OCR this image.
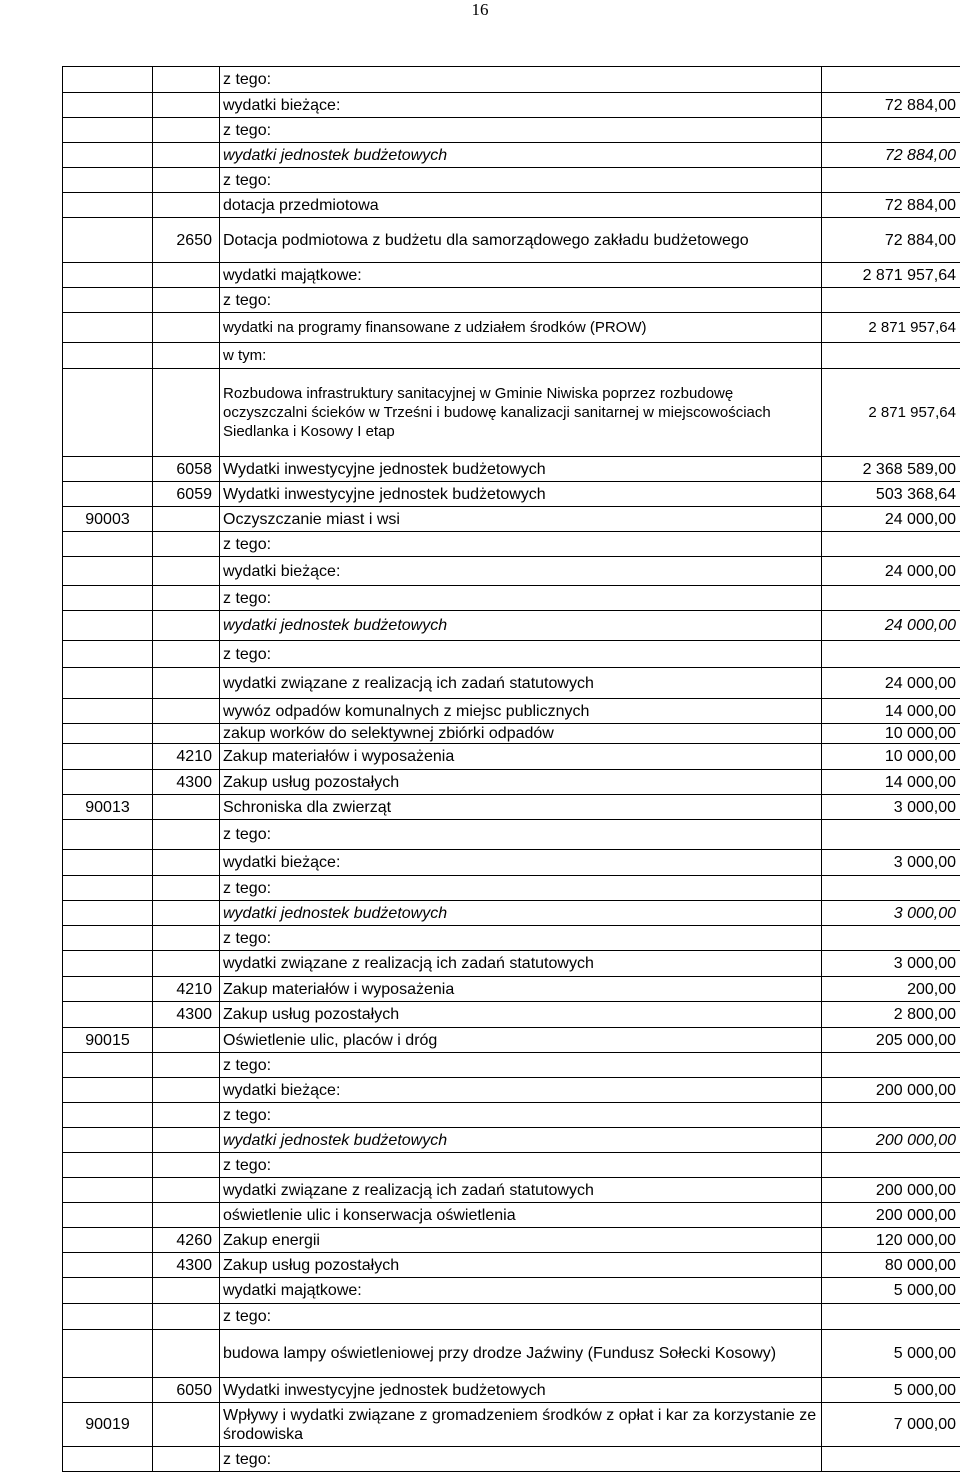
16
		z tego:	
		wydatki bieżące:	72 884,00
		z tego:	
		wydatki jednostek budżetowych	72 884,00
		z tego:	
		dotacja przedmiotowa	72 884,00
	2650	Dotacja podmiotowa z budżetu dla samorządowego zakładu budżetowego	72 884,00
		wydatki majątkowe:	2 871 957,64
		z tego:	
		wydatki na programy finansowane z udziałem środków (PROW)	2 871 957,64
		w tym:	
		Rozbudowa infrastruktury sanitacyjnej w Gminie Niwiska poprzez rozbudowę oczyszczalni ścieków w Trześni i budowę kanalizacji sanitarnej w miejscowościach Siedlanka i Kosowy I etap	2 871 957,64
	6058	Wydatki inwestycyjne jednostek budżetowych	2 368 589,00
	6059	Wydatki inwestycyjne jednostek budżetowych	503 368,64
90003		Oczyszczanie miast i wsi	24 000,00
		z tego:	
		wydatki bieżące:	24 000,00
		z tego:	
		wydatki jednostek budżetowych	24 000,00
		z tego:	
		wydatki związane z realizacją ich zadań statutowych	24 000,00
		wywóz odpadów komunalnych z miejsc publicznych	14 000,00
		zakup worków do selektywnej zbiórki odpadów	10 000,00
	4210	Zakup materiałów i wyposażenia	10 000,00
	4300	Zakup usług pozostałych	14 000,00
90013		Schroniska dla zwierząt	3 000,00
		z tego:	
		wydatki bieżące:	3 000,00
		z tego:	
		wydatki jednostek budżetowych	3 000,00
		z tego:	
		wydatki związane z realizacją ich zadań statutowych	3 000,00
	4210	Zakup materiałów i wyposażenia	200,00
	4300	Zakup usług pozostałych	2 800,00
90015		Oświetlenie ulic, placów i dróg	205 000,00
		z tego:	
		wydatki bieżące:	200 000,00
		z tego:	
		wydatki jednostek budżetowych	200 000,00
		z tego:	
		wydatki związane z realizacją ich zadań statutowych	200 000,00
		oświetlenie ulic i konserwacja oświetlenia	200 000,00
	4260	Zakup energii	120 000,00
	4300	Zakup usług pozostałych	80 000,00
		wydatki majątkowe:	5 000,00
		z tego:	
		budowa lampy oświetleniowej przy drodze Jaźwiny (Fundusz Sołecki Kosowy)	5 000,00
	6050	Wydatki inwestycyjne jednostek budżetowych	5 000,00
90019		Wpływy i wydatki związane z gromadzeniem środków z opłat i kar za korzystanie ze środowiska	7 000,00
		z tego:	
